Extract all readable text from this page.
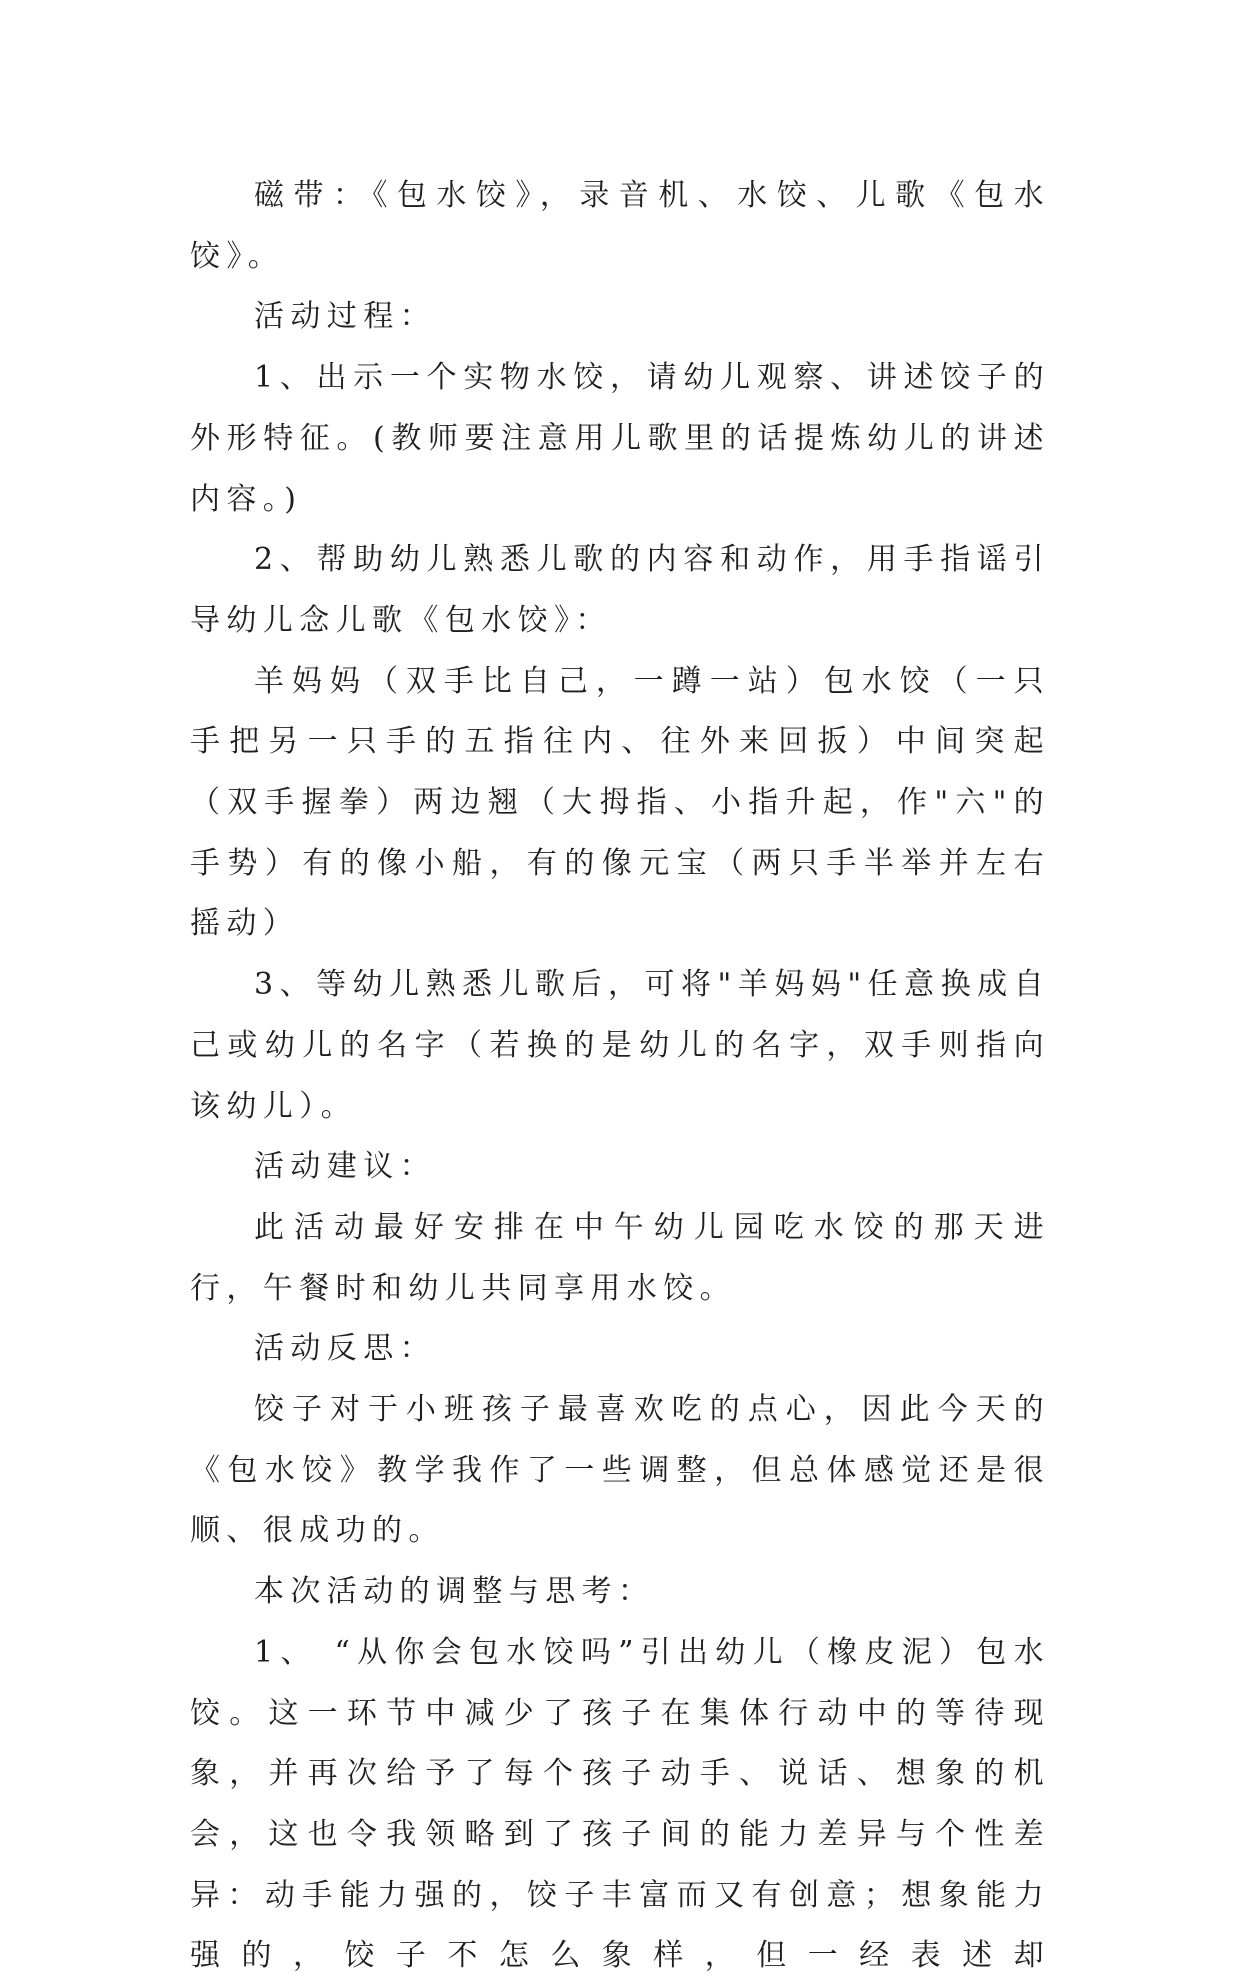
磁带：《包水饺》，录音机、水饺、儿歌《包水饺》。

活动过程：

1、出示一个实物水饺，请幼儿观察、讲述饺子的外形特征。(教师要注意用儿歌里的话提炼幼儿的讲述内容。)

2、帮助幼儿熟悉儿歌的内容和动作，用手指谣引导幼儿念儿歌《包水饺》：

羊妈妈（双手比自己，一蹲一站）包水饺（一只手把另一只手的五指往内、往外来回扳）中间突起（双手握拳）两边翘（大拇指、小指升起，作"六"的手势）有的像小船，有的像元宝（两只手半举并左右摇动）

3、等幼儿熟悉儿歌后，可将"羊妈妈"任意换成自己或幼儿的名字（若换的是幼儿的名字，双手则指向该幼儿）。

活动建议：

此活动最好安排在中午幼儿园吃水饺的那天进行，午餐时和幼儿共同享用水饺。

活动反思：

饺子对于小班孩子最喜欢吃的点心，因此今天的《包水饺》教学我作了一些调整，但总体感觉还是很顺、很成功的。

本次活动的调整与思考：

1、 “从你会包水饺吗”引出幼儿（橡皮泥）包水饺。这一环节中减少了孩子在集体行动中的等待现象，并再次给予了每个孩子动手、说话、想象的机会，这也令我领略到了孩子间的能力差异与个性差异：动手能力强的，饺子丰富而又有创意；想象能力强的，饺子不怎么象样，但一经表述却
